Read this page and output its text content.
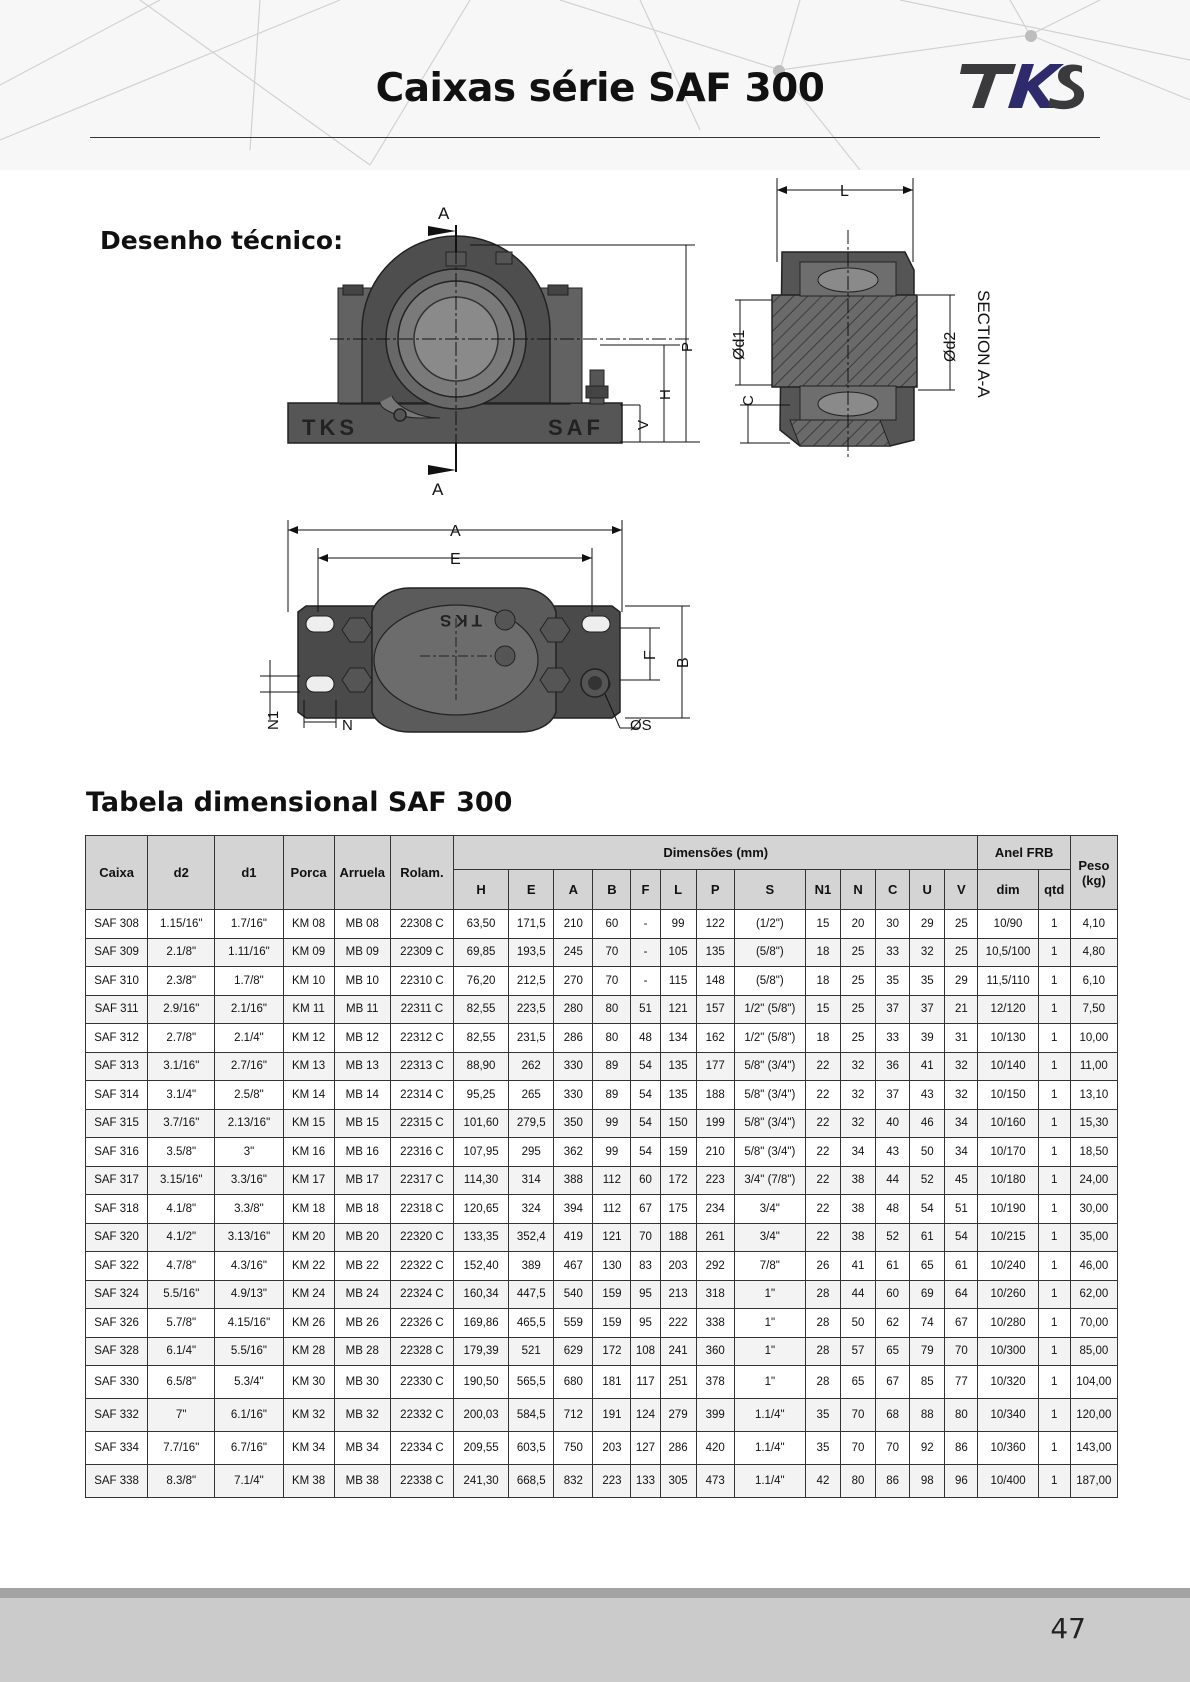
Caixas série SAF 300
Desenho técnico:
A
A
TKS	SAF
P
H
V
L
Ød1	Ød2
C
SECTION A-A
TKS
A
E
F
B
N1	N	ØS
Tabela dimensional SAF 300
Caixa	d2	d1	Porca	Arruela	Rolam.	Dimensões (mm)													Anel FRB		Peso (kg)
						H	E	A	B	F	L	P	S	N1	N	C	U	V	dim	qtd	
SAF 308	1.15/16"	1.7/16"	KM 08	MB 08	22308 C	63,50	171,5	210	60	-	99	122	(1/2")	15	20	30	29	25	10/90	1	4,10
SAF 309	2.1/8"	1.11/16"	KM 09	MB 09	22309 C	69,85	193,5	245	70	-	105	135	(5/8")	18	25	33	32	25	10,5/100	1	4,80
SAF 310	2.3/8"	1.7/8"	KM 10	MB 10	22310 C	76,20	212,5	270	70	-	115	148	(5/8")	18	25	35	35	29	11,5/110	1	6,10
SAF 311	2.9/16"	2.1/16"	KM 11	MB 11	22311 C	82,55	223,5	280	80	51	121	157	1/2" (5/8")	15	25	37	37	21	12/120	1	7,50
SAF 312	2.7/8"	2.1/4"	KM 12	MB 12	22312 C	82,55	231,5	286	80	48	134	162	1/2" (5/8")	18	25	33	39	31	10/130	1	10,00
SAF 313	3.1/16"	2.7/16"	KM 13	MB 13	22313 C	88,90	262	330	89	54	135	177	5/8" (3/4")	22	32	36	41	32	10/140	1	11,00
SAF 314	3.1/4"	2.5/8"	KM 14	MB 14	22314 C	95,25	265	330	89	54	135	188	5/8" (3/4")	22	32	37	43	32	10/150	1	13,10
SAF 315	3.7/16"	2.13/16"	KM 15	MB 15	22315 C	101,60	279,5	350	99	54	150	199	5/8" (3/4")	22	32	40	46	34	10/160	1	15,30
SAF 316	3.5/8"	3"	KM 16	MB 16	22316 C	107,95	295	362	99	54	159	210	5/8" (3/4")	22	34	43	50	34	10/170	1	18,50
SAF 317	3.15/16"	3.3/16"	KM 17	MB 17	22317 C	114,30	314	388	112	60	172	223	3/4" (7/8")	22	38	44	52	45	10/180	1	24,00
SAF 318	4.1/8"	3.3/8"	KM 18	MB 18	22318 C	120,65	324	394	112	67	175	234	3/4"	22	38	48	54	51	10/190	1	30,00
SAF 320	4.1/2"	3.13/16"	KM 20	MB 20	22320 C	133,35	352,4	419	121	70	188	261	3/4"	22	38	52	61	54	10/215	1	35,00
SAF 322	4.7/8"	4.3/16"	KM 22	MB 22	22322 C	152,40	389	467	130	83	203	292	7/8"	26	41	61	65	61	10/240	1	46,00
SAF 324	5.5/16"	4.9/13"	KM 24	MB 24	22324 C	160,34	447,5	540	159	95	213	318	1"	28	44	60	69	64	10/260	1	62,00
SAF 326	5.7/8"	4.15/16"	KM 26	MB 26	22326 C	169,86	465,5	559	159	95	222	338	1"	28	50	62	74	67	10/280	1	70,00
SAF 328	6.1/4"	5.5/16"	KM 28	MB 28	22328 C	179,39	521	629	172	108	241	360	1"	28	57	65	79	70	10/300	1	85,00
SAF 330	6.5/8"	5.3/4"	KM 30	MB 30	22330 C	190,50	565,5	680	181	117	251	378	1"	28	65	67	85	77	10/320	1	104,00
SAF 332	7"	6.1/16"	KM 32	MB 32	22332 C	200,03	584,5	712	191	124	279	399	1.1/4"	35	70	68	88	80	10/340	1	120,00
SAF 334	7.7/16"	6.7/16"	KM 34	MB 34	22334 C	209,55	603,5	750	203	127	286	420	1.1/4"	35	70	70	92	86	10/360	1	143,00
SAF 338	8.3/8"	7.1/4"	KM 38	MB 38	22338 C	241,30	668,5	832	223	133	305	473	1.1/4"	42	80	86	98	96	10/400	1	187,00
47
